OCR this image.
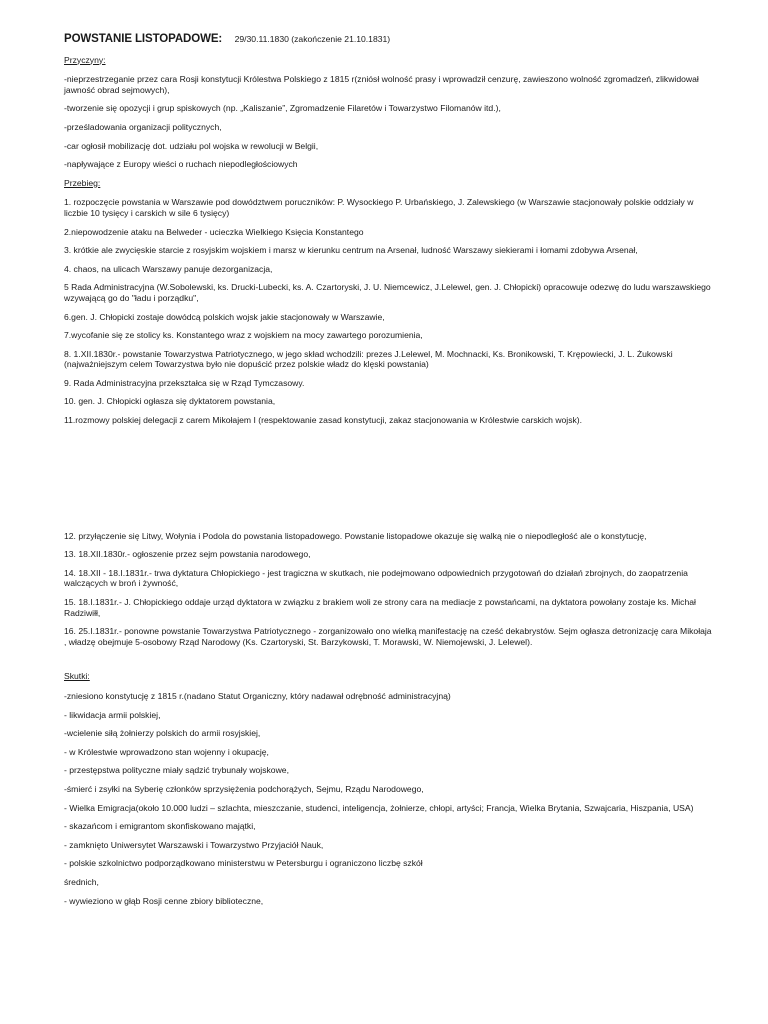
POWSTANIE LISTOPADOWE: 29/30.11.1830 (zakończenie 21.10.1831)
Przyczyny:
-nieprzestrzeganie przez cara Rosji konstytucji Królestwa Polskiego z 1815 r(zniósł wolność prasy i wprowadził cenzurę, zawieszono wolność zgromadzeń, zlikwidował jawność obrad sejmowych),
-tworzenie się opozycji i grup spiskowych (np. „Kaliszanie”, Zgromadzenie Filaretów i Towarzystwo Filomanów itd.),
-prześladowania organizacji politycznych,
-car ogłosił mobilizację dot. udziału pol wojska w rewolucji w Belgii,
-napływające z Europy wieści o ruchach niepodległościowych
Przebieg:
1. rozpoczęcie powstania w Warszawie pod dowództwem poruczników: P. Wysockiego P. Urbańskiego, J. Zalewskiego (w Warszawie stacjonowały polskie oddziały w liczbie 10 tysięcy i carskich w sile 6 tysięcy)
2.niepowodzenie ataku na Belweder - ucieczka Wielkiego Księcia Konstantego
3. krótkie ale zwycięskie starcie z rosyjskim wojskiem i marsz w kierunku centrum na Arsenał, ludność Warszawy siekierami i łomami zdobywa Arsenał,
4. chaos, na ulicach Warszawy panuje dezorganizacja,
5 Rada Administracyjna (W.Sobolewski, ks. Drucki-Lubecki, ks. A. Czartoryski, J. U. Niemcewicz, J.Lelewel, gen. J. Chłopicki) opracowuje odezwę do ludu warszawskiego wzywającą go do "ładu i porządku",
6.gen. J. Chłopicki zostaje dowódcą polskich wojsk jakie stacjonowały w Warszawie,
7.wycofanie się ze stolicy ks. Konstantego wraz z wojskiem na mocy zawartego porozumienia,
8. 1.XII.1830r.- powstanie Towarzystwa Patriotycznego, w jego skład wchodzili: prezes J.Lelewel, M. Mochnacki, Ks. Bronikowski, T. Krępowiecki, J. L. Żukowski (najważniejszym celem Towarzystwa było nie dopuścić przez polskie władz do klęski powstania)
9. Rada Administracyjna przekształca się w Rząd Tymczasowy.
10. gen. J. Chłopicki ogłasza się dyktatorem powstania,
11.rozmowy polskiej delegacji z carem Mikołajem I (respektowanie zasad konstytucji, zakaz stacjonowania w Królestwie carskich wojsk).
12. przyłączenie się Litwy, Wołynia i Podola do powstania listopadowego. Powstanie listopadowe okazuje się walką nie o niepodległość ale o konstytucję,
13. 18.XII.1830r.- ogłoszenie przez sejm powstania narodowego,
14. 18.XII - 18.I.1831r.- trwa dyktatura Chłopickiego - jest tragiczna w skutkach, nie podejmowano odpowiednich przygotowań do działań zbrojnych, do zaopatrzenia walczących w broń i żywność,
15. 18.I.1831r.- J. Chłopickiego oddaje urząd dyktatora w związku z brakiem woli ze strony cara na mediacje z powstańcami, na dyktatora powołany zostaje ks. Michał Radziwiłł,
16. 25.I.1831r.- ponowne powstanie Towarzystwa Patriotycznego - zorganizowało ono wielką manifestację na cześć dekabrystów. Sejm ogłasza detronizację cara Mikołaja , władzę obejmuje 5-osobowy Rząd Narodowy (Ks. Czartoryski, St. Barzykowski, T. Morawski, W. Niemojewski, J. Lelewel).
Skutki:
-zniesiono konstytucję z 1815 r.(nadano Statut Organiczny, który nadawał odrębność administracyjną)
- likwidacja armii polskiej,
-wcielenie siłą żołnierzy polskich do armii rosyjskiej,
- w Królestwie wprowadzono stan wojenny i okupację,
- przestępstwa polityczne miały sądzić trybunały wojskowe,
-śmierć i zsyłki na Syberię członków sprzysiężenia podchorążych, Sejmu, Rządu Narodowego,
- Wielka Emigracja(około 10.000 ludzi – szlachta, mieszczanie, studenci, inteligencja, żołnierze, chłopi, artyści; Francja, Wielka Brytania, Szwajcaria, Hiszpania, USA)
- skazańcom i emigrantom skonfiskowano majątki,
- zamknięto Uniwersytet Warszawski i Towarzystwo Przyjaciół Nauk,
- polskie szkolnictwo podporządkowano ministerstwu w Petersburgu i ograniczono liczbę szkół
średnich,
- wywieziono w głąb Rosji cenne zbiory biblioteczne,
